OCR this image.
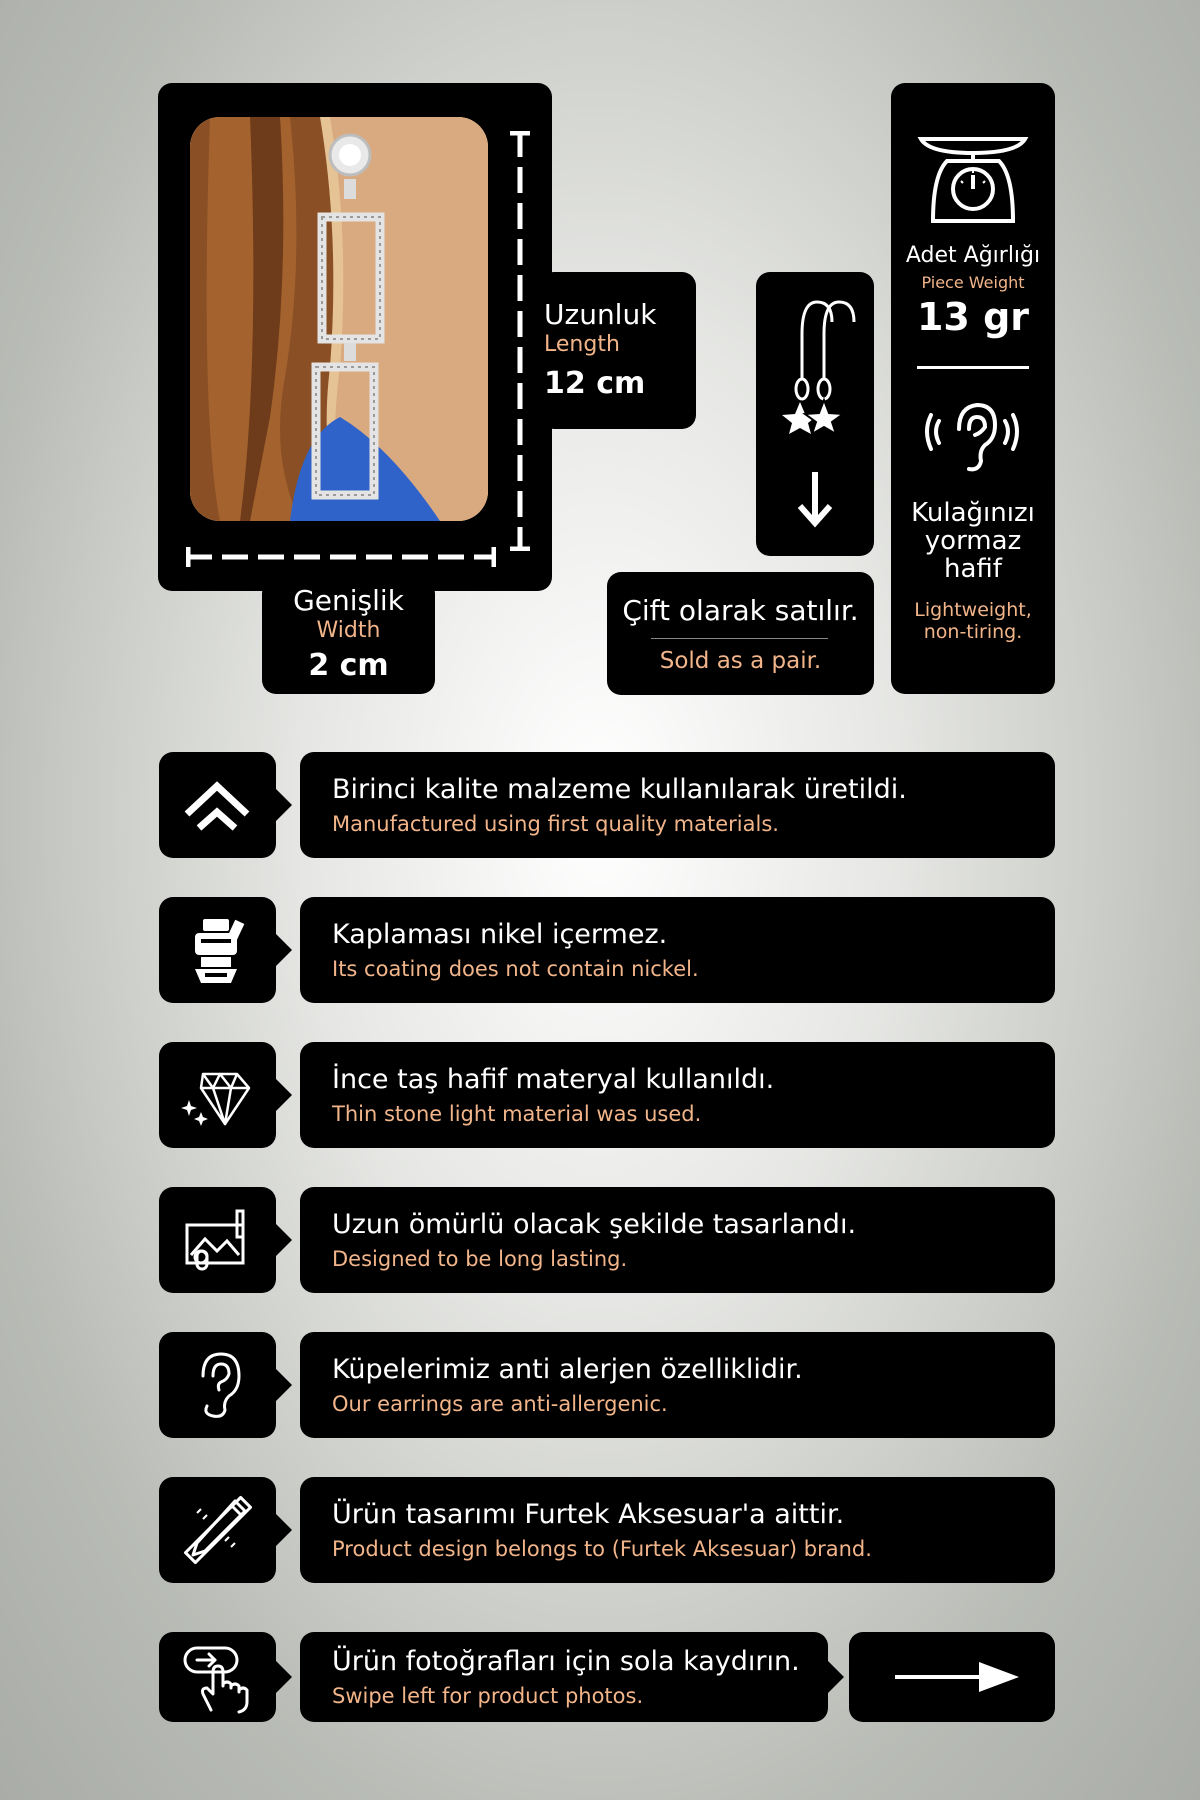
Uzunluk
Length
12 cm
Genişlik
Width
2 cm
Çift olarak satılır.
Sold as a pair.
Adet Ağırlığı
Piece Weight
13 gr
Kulağınızı
yormaz
hafif
Lightweight,
non-tiring.
Birinci kalite malzeme kullanılarak üretildi.
Manufactured using first quality materials.
Kaplaması nikel içermez.
Its coating does not contain nickel.
İnce taş hafif materyal kullanıldı.
Thin stone light material was used.
Uzun ömürlü olacak şekilde tasarlandı.
Designed to be long lasting.
Küpelerimiz anti alerjen özelliklidir.
Our earrings are anti-allergenic.
Ürün tasarımı Furtek Aksesuar'a aittir.
Product design belongs to (Furtek Aksesuar) brand.
Ürün fotoğrafları için sola kaydırın.
Swipe left for product photos.
